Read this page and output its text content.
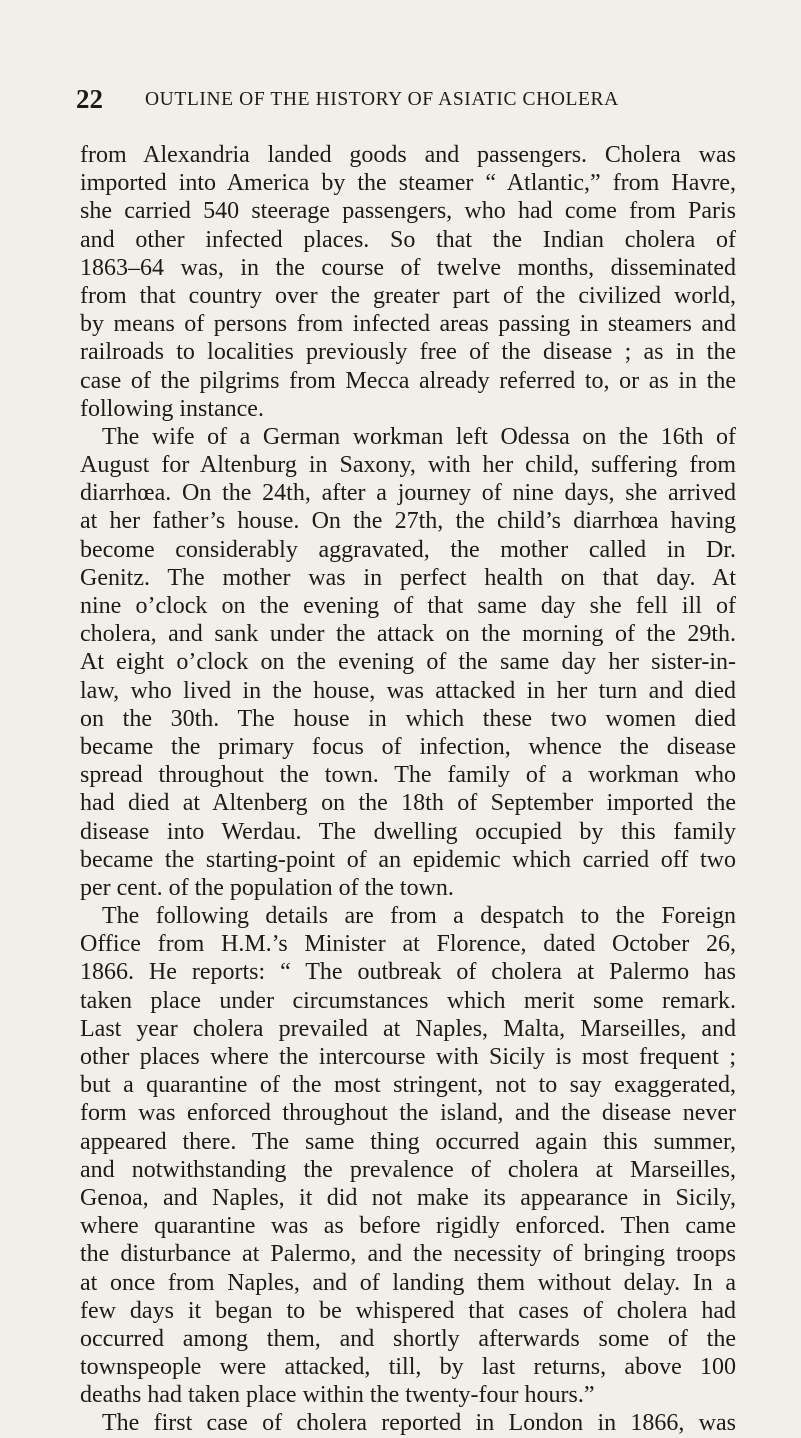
22 OUTLINE OF THE HISTORY OF ASIATIC CHOLERA
from Alexandria landed goods and passengers. Cholera was
imported into America by the steamer “ Atlantic,” from Havre,
she carried 540 steerage passengers, who had come from Paris
and other infected places. So that the Indian cholera of
1863–64 was, in the course of twelve months, disseminated
from that country over the greater part of the civilized world,
by means of persons from infected areas passing in steamers and
railroads to localities previously free of the disease ; as in the
case of the pilgrims from Mecca already referred to, or as in the
following instance.
The wife of a German workman left Odessa on the 16th of
August for Altenburg in Saxony, with her child, suffering from
diarrhœa. On the 24th, after a journey of nine days, she arrived
at her father’s house. On the 27th, the child’s diarrhœa having
become considerably aggravated, the mother called in Dr.
Genitz. The mother was in perfect health on that day. At
nine o’clock on the evening of that same day she fell ill of
cholera, and sank under the attack on the morning of the 29th.
At eight o’clock on the evening of the same day her sister-in-
law, who lived in the house, was attacked in her turn and died
on the 30th. The house in which these two women died
became the primary focus of infection, whence the disease
spread throughout the town. The family of a workman who
had died at Altenberg on the 18th of September imported the
disease into Werdau. The dwelling occupied by this family
became the starting-point of an epidemic which carried off two
per cent. of the population of the town.
The following details are from a despatch to the Foreign
Office from H.M.’s Minister at Florence, dated October 26,
1866. He reports: “ The outbreak of cholera at Palermo has
taken place under circumstances which merit some remark.
Last year cholera prevailed at Naples, Malta, Marseilles, and
other places where the intercourse with Sicily is most frequent ;
but a quarantine of the most stringent, not to say exaggerated,
form was enforced throughout the island, and the disease never
appeared there. The same thing occurred again this summer,
and notwithstanding the prevalence of cholera at Marseilles,
Genoa, and Naples, it did not make its appearance in Sicily,
where quarantine was as before rigidly enforced. Then came
the disturbance at Palermo, and the necessity of bringing troops
at once from Naples, and of landing them without delay. In a
few days it began to be whispered that cases of cholera had
occurred among them, and shortly afterwards some of the
townspeople were attacked, till, by last returns, above 100
deaths had taken place within the twenty-four hours.”
The first case of cholera reported in London in 1866, was
